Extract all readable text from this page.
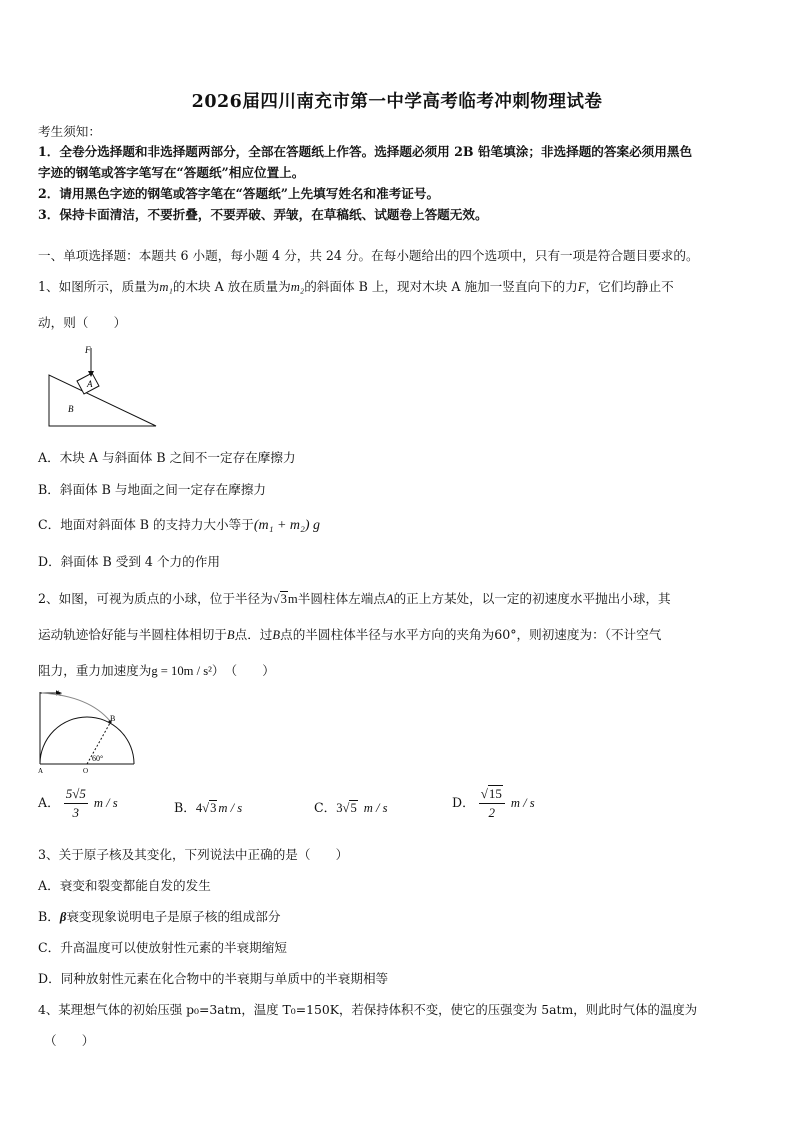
2026届四川南充市第一中学高考临考冲刺物理试卷
考生须知：
1．全卷分选择题和非选择题两部分，全部在答题纸上作答。选择题必须用 2B 铅笔填涂；非选择题的答案必须用黑色
字迹的钢笔或答字笔写在“答题纸”相应位置上。
2．请用黑色字迹的钢笔或答字笔在“答题纸”上先填写姓名和准考证号。
3．保持卡面清洁，不要折叠，不要弄破、弄皱，在草稿纸、试题卷上答题无效。
一、单项选择题：本题共 6 小题，每小题 4 分，共 24 分。在每小题给出的四个选项中，只有一项是符合题目要求的。
1、如图所示，质量为m₁的木块 A 放在质量为m₂的斜面体 B 上，现对木块 A 施加一竖直向下的力F，它们均静止不
动，则（　　）
F
A
B
A．木块 A 与斜面体 B 之间不一定存在摩擦力
B．斜面体 B 与地面之间一定存在摩擦力
C．地面对斜面体 B 的支持力大小等于(m₁ + m₂) g
D．斜面体 B 受到 4 个力的作用
2、如图，可视为质点的小球，位于半径为√3m半圆柱体左端点A的正上方某处，以一定的初速度水平抛出小球，其
运动轨迹恰好能与半圆柱体相切于B点．过B点的半圆柱体半径与水平方向的夹角为60°，则初速度为：（不计空气
阻力，重力加速度为g = 10m / s²）　（　　）
v₀
B
A	O
60°
A． $\frac{5√5}{3}$ m / s	B．4√3 m / s	C．3√5 m / s	D． $\frac{√15}{2}$ m / s
3、关于原子核及其变化，下列说法中正确的是（　　）
A．衰变和裂变都能自发的发生
B．β衰变现象说明电子是原子核的组成部分
C．升高温度可以使放射性元素的半衰期缩短
D．同种放射性元素在化合物中的半衰期与单质中的半衰期相等
4、某理想气体的初始压强 p₀=3atm，温度 T₀=150K，若保持体积不变，使它的压强变为 5atm，则此时气体的温度为
（　　）
